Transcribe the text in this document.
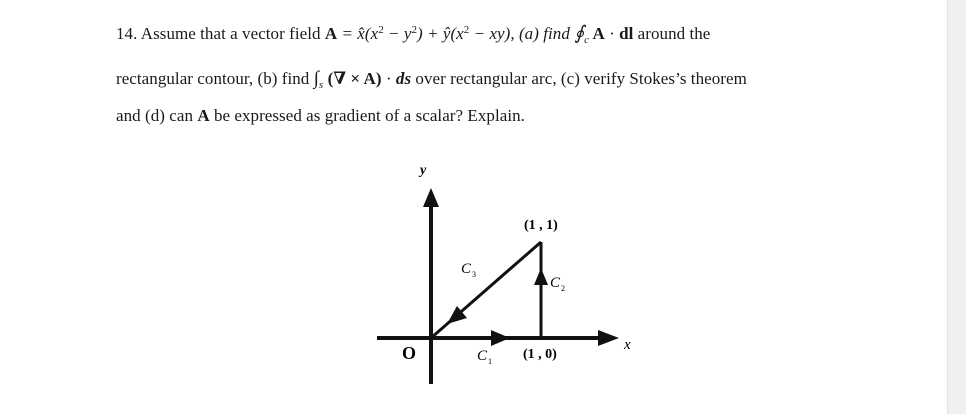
14. Assume that a vector field $A = x̂(x^2 - y^2)$ + $ŷ(x^2 - xy)$, (a) find $∮_c$ A · dl around the
rectangular contour, (b) find $\int_s$ (∇ × A) · ds over rectangular arc, (c) verify Stokes’s theorem
and (d) can A be expressed as gradient of a scalar? Explain.
y
x
O	C 1
C 2
C 3
(1 , 1)
(1 , 0)
